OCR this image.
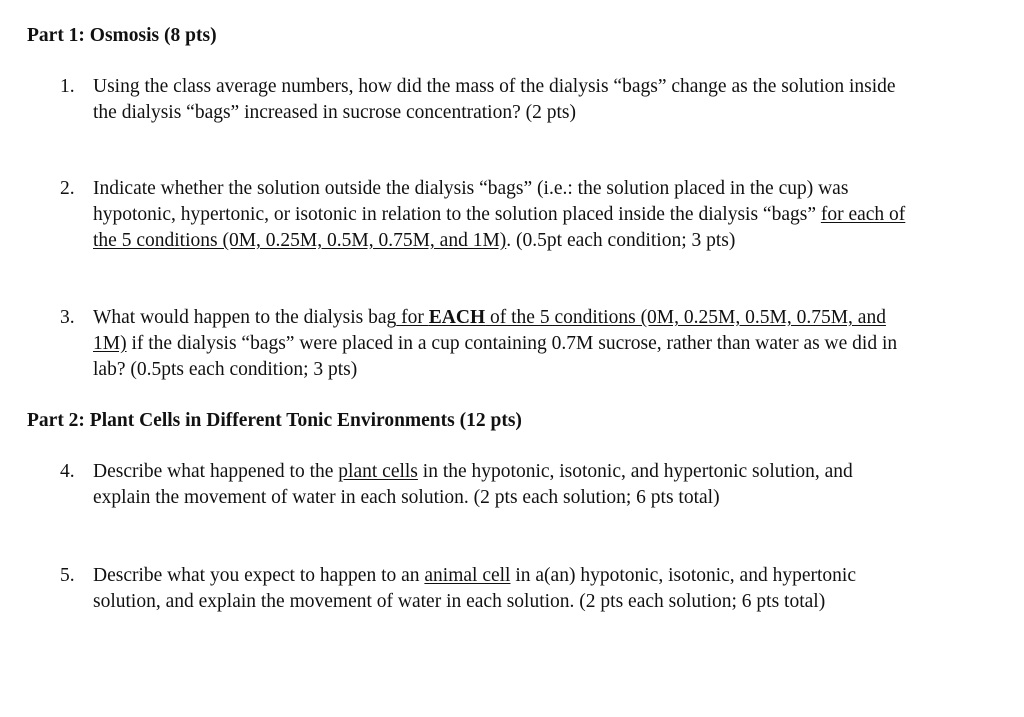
Part 1: Osmosis (8 pts)
1. Using the class average numbers, how did the mass of the dialysis “bags” change as the solution inside
the dialysis “bags” increased in sucrose concentration? (2 pts)
2. Indicate whether the solution outside the dialysis “bags” (i.e.: the solution placed in the cup) was
hypotonic, hypertonic, or isotonic in relation to the solution placed inside the dialysis “bags” for each of
the 5 conditions (0M, 0.25M, 0.5M, 0.75M, and 1M). (0.5pt each condition; 3 pts)
3. What would happen to the dialysis bag for EACH of the 5 conditions (0M, 0.25M, 0.5M, 0.75M, and
1M) if the dialysis “bags” were placed in a cup containing 0.7M sucrose, rather than water as we did in
lab? (0.5pts each condition; 3 pts)
Part 2: Plant Cells in Different Tonic Environments (12 pts)
4. Describe what happened to the plant cells in the hypotonic, isotonic, and hypertonic solution, and
explain the movement of water in each solution. (2 pts each solution; 6 pts total)
5. Describe what you expect to happen to an animal cell in a(an) hypotonic, isotonic, and hypertonic
solution, and explain the movement of water in each solution. (2 pts each solution; 6 pts total)
